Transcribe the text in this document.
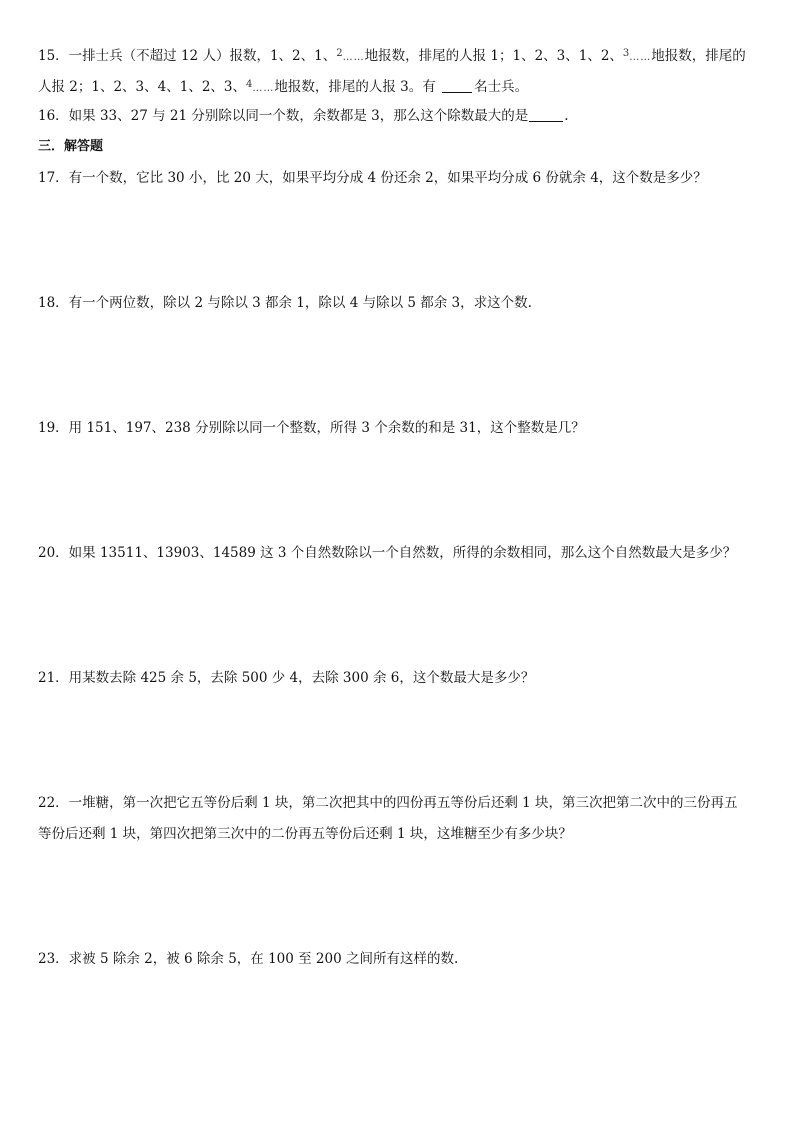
15．一排士兵（不超过 12 人）报数，1、2、1、$^2$……地报数，排尾的人报 1；1、2、3、1、2、$^3$……地报数，排尾的
人报 2；1、2、3、4、1、2、3、$^4$……地报数，排尾的人报 3。有	名士兵。
16．如果 33、27 与 21 分别除以同一个数，余数都是 3，那么这个除数最大的是	.
三．解答题
17．有一个数，它比 30 小，比 20 大，如果平均分成 4 份还余 2，如果平均分成 6 份就余 4，这个数是多少？
18．有一个两位数，除以 2 与除以 3 都余 1，除以 4 与除以 5 都余 3，求这个数.
19．用 151、197、238 分别除以同一个整数，所得 3 个余数的和是 31，这个整数是几？
20．如果 13511、13903、14589 这 3 个自然数除以一个自然数，所得的余数相同，那么这个自然数最大是多少？
21．用某数去除 425 余 5，去除 500 少 4，去除 300 余 6，这个数最大是多少？
22．一堆糖，第一次把它五等份后剩 1 块，第二次把其中的四份再五等份后还剩 1 块，第三次把第二次中的三份再五
等份后还剩 1 块，第四次把第三次中的二份再五等份后还剩 1 块，这堆糖至少有多少块？
23．求被 5 除余 2，被 6 除余 5，在 100 至 200 之间所有这样的数.
